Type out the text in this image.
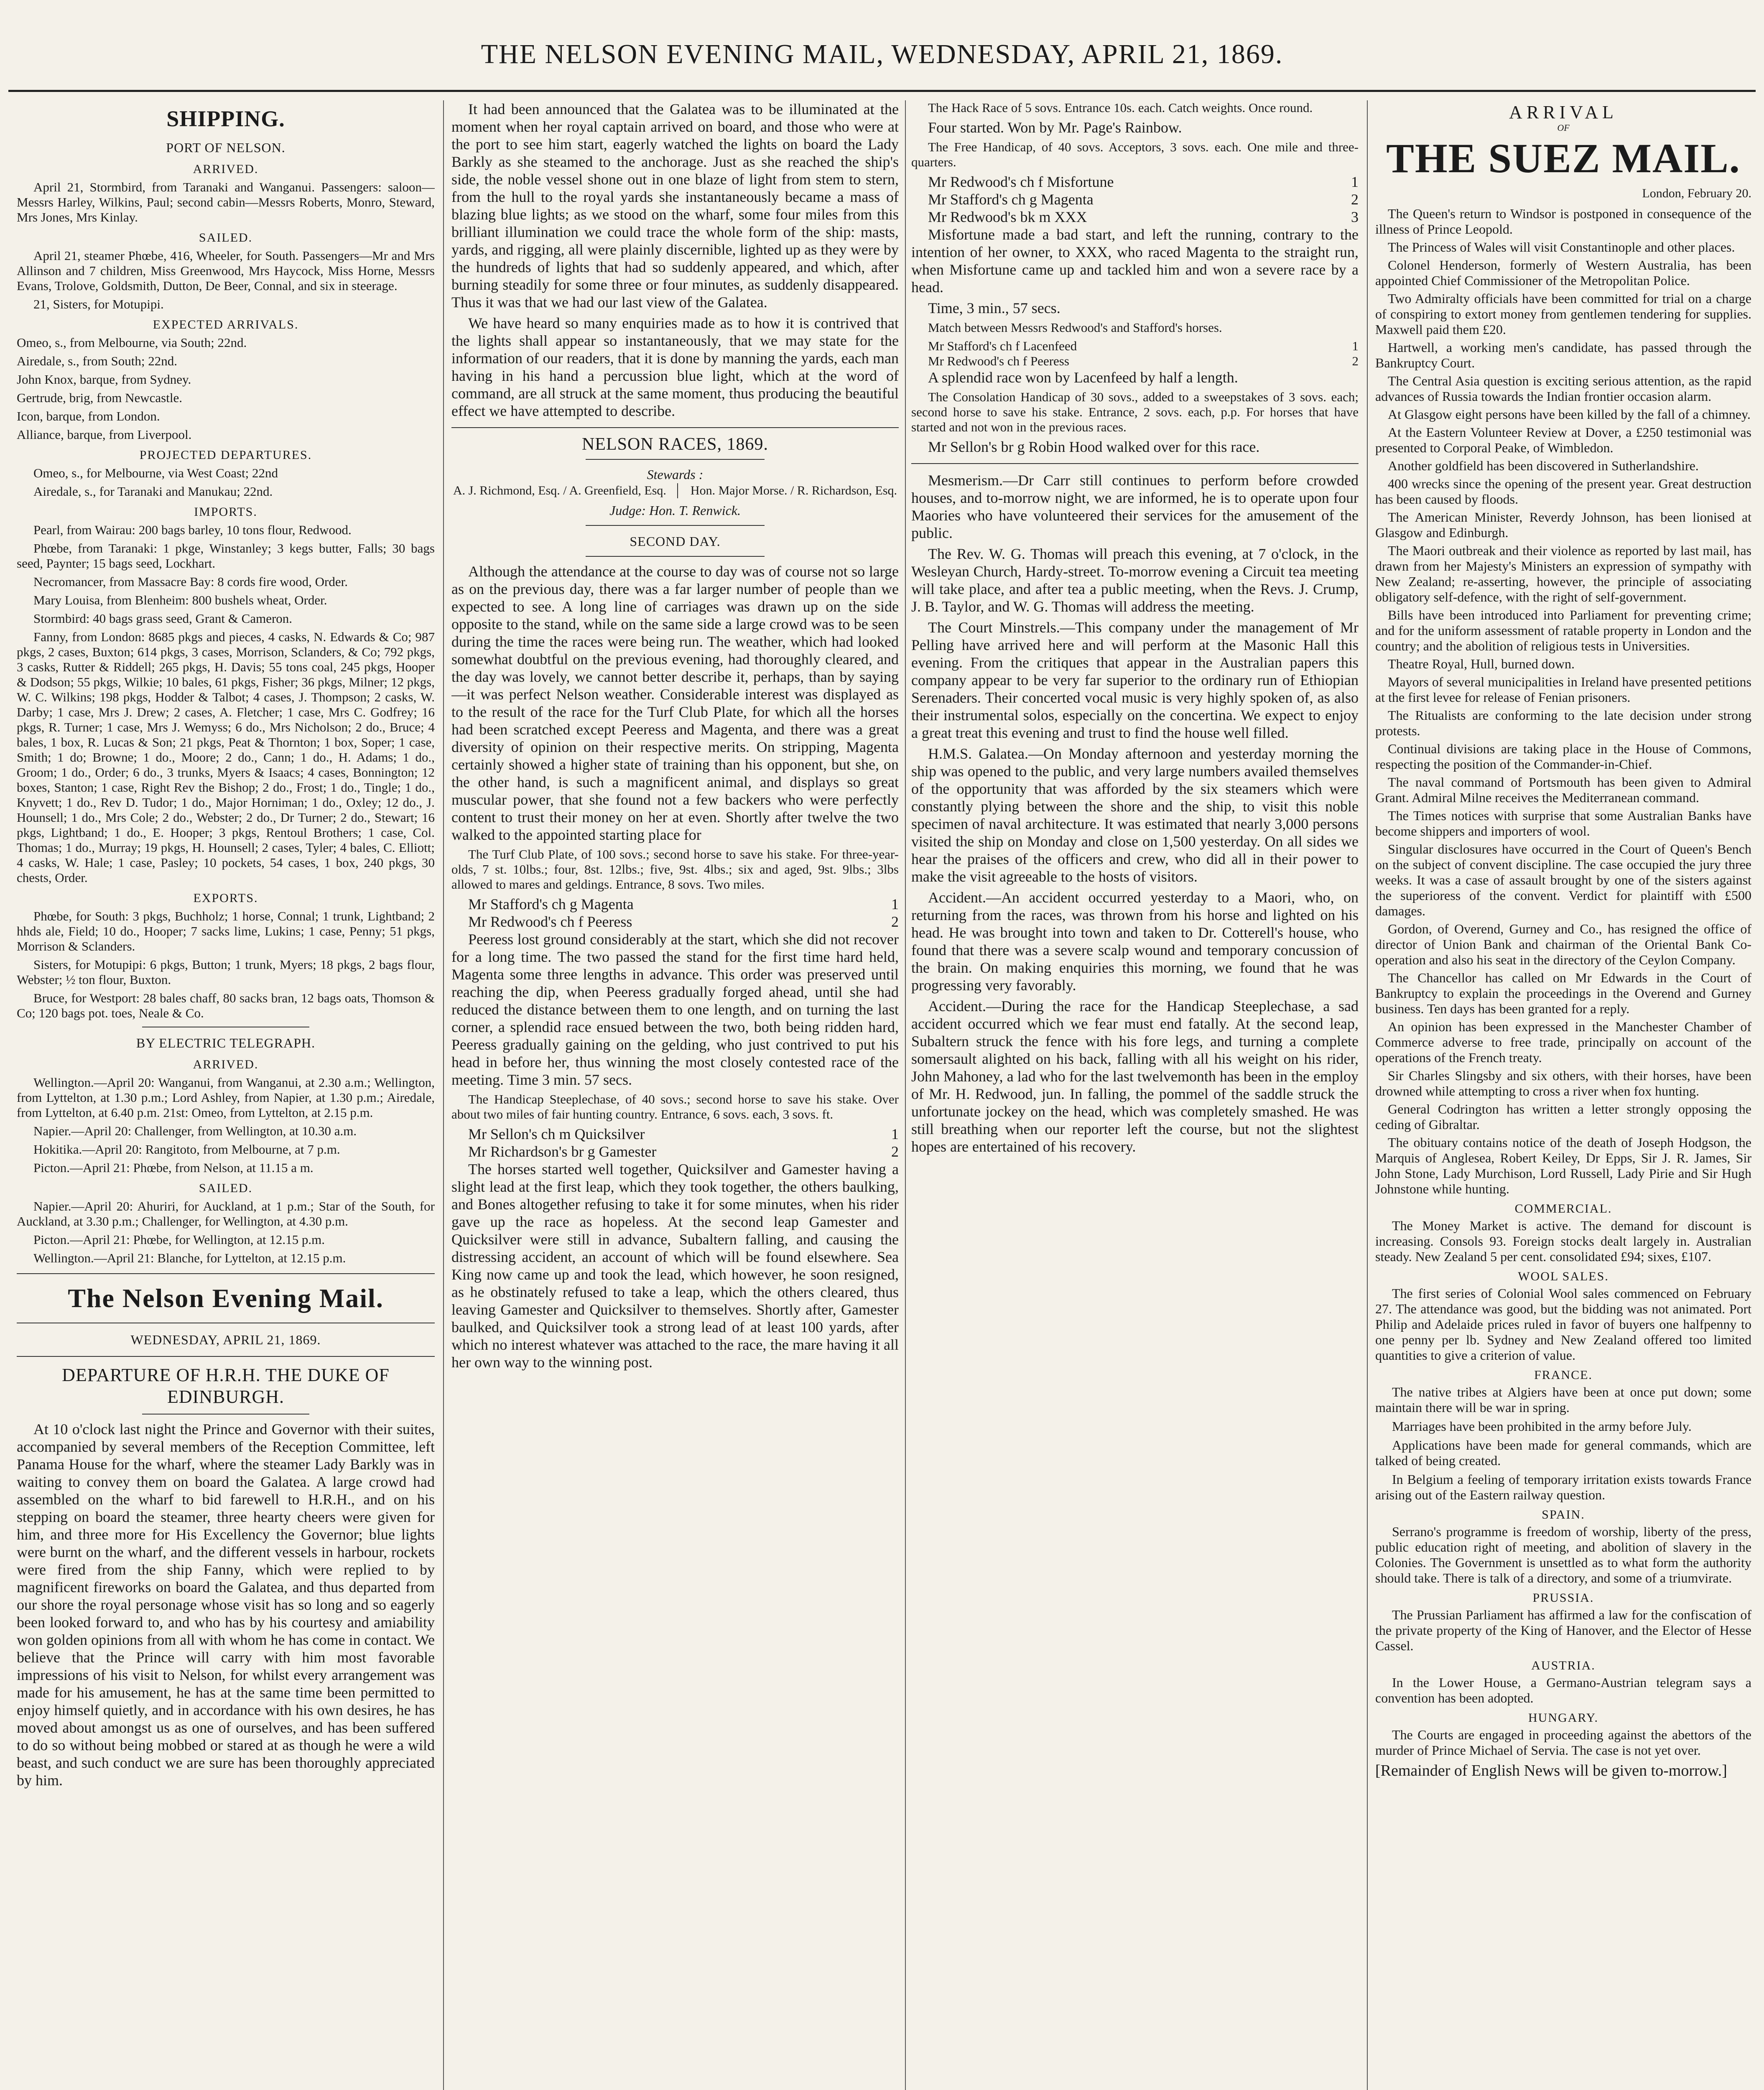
THE NELSON EVENING MAIL, WEDNESDAY, APRIL 21, 1869.
SHIPPING.
PORT OF NELSON.
ARRIVED.

April 21, Stormbird, from Taranaki and Wanganui. Passengers: saloon—Messrs Harley, Wilkins, Paul; second cabin—Messrs Roberts, Monro, Steward, Mrs Jones, Mrs Kinlay.

SAILED.

April 21, steamer Phœbe, 416, Wheeler, for South. Passengers—Mr and Mrs Allinson and 7 children, Miss Greenwood, Mrs Haycock, Miss Horne, Messrs Evans, Trolove, Goldsmith, Dutton, De Beer, Connal, and six in steerage.

21, Sisters, for Motupipi.

EXPECTED ARRIVALS.

Omeo, s., from Melbourne, via South; 22nd.

Airedale, s., from South; 22nd.

John Knox, barque, from Sydney.

Gertrude, brig, from Newcastle.

Icon, barque, from London.

Alliance, barque, from Liverpool.

PROJECTED DEPARTURES.

Omeo, s., for Melbourne, via West Coast; 22nd

Airedale, s., for Taranaki and Manukau; 22nd.

IMPORTS.

Pearl, from Wairau: 200 bags barley, 10 tons flour, Redwood.

Phœbe, from Taranaki: 1 pkge, Winstanley; 3 kegs butter, Falls; 30 bags seed, Paynter; 15 bags seed, Lockhart.

Necromancer, from Massacre Bay: 8 cords fire wood, Order.

Mary Louisa, from Blenheim: 800 bushels wheat, Order.

Stormbird: 40 bags grass seed, Grant & Cameron.

Fanny, from London: 8685 pkgs and pieces, 4 casks, N. Edwards & Co; 987 pkgs, 2 cases, Buxton; 614 pkgs, 3 cases, Morrison, Sclanders, & Co; 792 pkgs, 3 casks, Rutter & Riddell; 265 pkgs, H. Davis; 55 tons coal, 245 pkgs, Hooper & Dodson; 55 pkgs, Wilkie; 10 bales, 61 pkgs, Fisher; 36 pkgs, Milner; 12 pkgs, W. C. Wilkins; 198 pkgs, Hodder & Talbot; 4 cases, J. Thompson; 2 casks, W. Darby; 1 case, Mrs J. Drew; 2 cases, A. Fletcher; 1 case, Mrs C. Godfrey; 16 pkgs, R. Turner; 1 case, Mrs J. Wemyss; 6 do., Mrs Nicholson; 2 do., Bruce; 4 bales, 1 box, R. Lucas & Son; 21 pkgs, Peat & Thornton; 1 box, Soper; 1 case, Smith; 1 do; Browne; 1 do., Moore; 2 do., Cann; 1 do., H. Adams; 1 do., Groom; 1 do., Order; 6 do., 3 trunks, Myers & Isaacs; 4 cases, Bonnington; 12 boxes, Stanton; 1 case, Right Rev the Bishop; 2 do., Frost; 1 do., Tingle; 1 do., Knyvett; 1 do., Rev D. Tudor; 1 do., Major Horniman; 1 do., Oxley; 12 do., J. Hounsell; 1 do., Mrs Cole; 2 do., Webster; 2 do., Dr Turner; 2 do., Stewart; 16 pkgs, Lightband; 1 do., E. Hooper; 3 pkgs, Rentoul Brothers; 1 case, Col. Thomas; 1 do., Murray; 19 pkgs, H. Hounsell; 2 cases, Tyler; 4 bales, C. Elliott; 4 casks, W. Hale; 1 case, Pasley; 10 pockets, 54 cases, 1 box, 240 pkgs, 30 chests, Order.

EXPORTS.

Phœbe, for South: 3 pkgs, Buchholz; 1 horse, Connal; 1 trunk, Lightband; 2 hhds ale, Field; 10 do., Hooper; 7 sacks lime, Lukins; 1 case, Penny; 51 pkgs, Morrison & Sclanders.

Sisters, for Motupipi: 6 pkgs, Button; 1 trunk, Myers; 18 pkgs, 2 bags flour, Webster; ½ ton flour, Buxton.

Bruce, for Westport: 28 bales chaff, 80 sacks bran, 12 bags oats, Thomson & Co; 120 bags pot. toes, Neale & Co.

BY ELECTRIC TELEGRAPH.
ARRIVED.

Wellington.—April 20: Wanganui, from Wanganui, at 2.30 a.m.; Wellington, from Lyttelton, at 1.30 p.m.; Lord Ashley, from Napier, at 1.30 p.m.; Airedale, from Lyttelton, at 6.40 p.m. 21st: Omeo, from Lyttelton, at 2.15 p.m.

Napier.—April 20: Challenger, from Wellington, at 10.30 a.m.

Hokitika.—April 20: Rangitoto, from Melbourne, at 7 p.m.

Picton.—April 21: Phœbe, from Nelson, at 11.15 a m.

SAILED.

Napier.—April 20: Ahuriri, for Auckland, at 1 p.m.; Star of the South, for Auckland, at 3.30 p.m.; Challenger, for Wellington, at 4.30 p.m.

Picton.—April 21: Phœbe, for Wellington, at 12.15 p.m.

Wellington.—April 21: Blanche, for Lyttelton, at 12.15 p.m.

The Nelson Evening Mail.
WEDNESDAY, APRIL 21, 1869.
DEPARTURE OF H.R.H. THE DUKE OF EDINBURGH.

At 10 o'clock last night the Prince and Governor with their suites, accompanied by several members of the Reception Committee, left Panama House for the wharf, where the steamer Lady Barkly was in waiting to convey them on board the Galatea. A large crowd had assembled on the wharf to bid farewell to H.R.H., and on his stepping on board the steamer, three hearty cheers were given for him, and three more for His Excellency the Governor; blue lights were burnt on the wharf, and the different vessels in harbour, rockets were fired from the ship Fanny, which were replied to by magnificent fireworks on board the Galatea, and thus departed from our shore the royal personage whose visit has so long and so eagerly been looked forward to, and who has by his courtesy and amiability won golden opinions from all with whom he has come in contact. We believe that the Prince will carry with him most favorable impressions of his visit to Nelson, for whilst every arrangement was made for his amusement, he has at the same time been permitted to enjoy himself quietly, and in accordance with his own desires, he has moved about amongst us as one of ourselves, and has been suffered to do so without being mobbed or stared at as though he were a wild beast, and such conduct we are sure has been thoroughly appreciated by him.

It had been announced that the Galatea was to be illuminated at the moment when her royal captain arrived on board, and those who were at the port to see him start, eagerly watched the lights on board the Lady Barkly as she steamed to the anchorage. Just as she reached the ship's side, the noble vessel shone out in one blaze of light from stem to stern, from the hull to the royal yards she instantaneously became a mass of blazing blue lights; as we stood on the wharf, some four miles from this brilliant illumination we could trace the whole form of the ship: masts, yards, and rigging, all were plainly discernible, lighted up as they were by the hundreds of lights that had so suddenly appeared, and which, after burning steadily for some three or four minutes, as suddenly disappeared. Thus it was that we had our last view of the Galatea.

We have heard so many enquiries made as to how it is contrived that the lights shall appear so instantaneously, that we may state for the information of our readers, that it is done by manning the yards, each man having in his hand a percussion blue light, which at the word of command, are all struck at the same moment, thus producing the beautiful effect we have attempted to describe.

NELSON RACES, 1869.
Stewards :
A. J. Richmond, Esq. / A. Greenfield, Esq.	Hon. Major Morse. / R. Richardson, Esq.
Judge: Hon. T. Renwick.
SECOND DAY.

Although the attendance at the course to day was of course not so large as on the previous day, there was a far larger number of people than we expected to see. A long line of carriages was drawn up on the side opposite to the stand, while on the same side a large crowd was to be seen during the time the races were being run. The weather, which had looked somewhat doubtful on the previous evening, had thoroughly cleared, and the day was lovely, we cannot better describe it, perhaps, than by saying—it was perfect Nelson weather. Considerable interest was displayed as to the result of the race for the Turf Club Plate, for which all the horses had been scratched except Peeress and Magenta, and there was a great diversity of opinion on their respective merits. On stripping, Magenta certainly showed a higher state of training than his opponent, but she, on the other hand, is such a magnificent animal, and displays so great muscular power, that she found not a few backers who were perfectly content to trust their money on her at even. Shortly after twelve the two walked to the appointed starting place for

The Turf Club Plate, of 100 sovs.; second horse to save his stake. For three-year-olds, 7 st. 10lbs.; four, 8st. 12lbs.; five, 9st. 4lbs.; six and aged, 9st. 9lbs.; 3lbs allowed to mares and geldings. Entrance, 8 sovs. Two miles.

Mr Stafford's ch g Magenta	1
Mr Redwood's ch f Peeress	2

Peeress lost ground considerably at the start, which she did not recover for a long time. The two passed the stand for the first time hard held, Magenta some three lengths in advance. This order was preserved until reaching the dip, when Peeress gradually forged ahead, until she had reduced the distance between them to one length, and on turning the last corner, a splendid race ensued between the two, both being ridden hard, Peeress gradually gaining on the gelding, who just contrived to put his head in before her, thus winning the most closely contested race of the meeting. Time 3 min. 57 secs.

The Handicap Steeplechase, of 40 sovs.; second horse to save his stake. Over about two miles of fair hunting country. Entrance, 6 sovs. each, 3 sovs. ft.

Mr Sellon's ch m Quicksilver	1
Mr Richardson's br g Gamester	2

The horses started well together, Quicksilver and Gamester having a slight lead at the first leap, which they took together, the others baulking, and Bones altogether refusing to take it for some minutes, when his rider gave up the race as hopeless. At the second leap Gamester and Quicksilver were still in advance, Subaltern falling, and causing the distressing accident, an account of which will be found elsewhere. Sea King now came up and took the lead, which however, he soon resigned, as he obstinately refused to take a leap, which the others cleared, thus leaving Gamester and Quicksilver to themselves. Shortly after, Gamester baulked, and Quicksilver took a strong lead of at least 100 yards, after which no interest whatever was attached to the race, the mare having it all her own way to the winning post.

The Hack Race of 5 sovs. Entrance 10s. each. Catch weights. Once round.

Four started. Won by Mr. Page's Rainbow.

The Free Handicap, of 40 sovs. Acceptors, 3 sovs. each. One mile and three-quarters.

Mr Redwood's ch f Misfortune	1
Mr Stafford's ch g Magenta	2
Mr Redwood's bk m XXX	3

Misfortune made a bad start, and left the running, contrary to the intention of her owner, to XXX, who raced Magenta to the straight run, when Misfortune came up and tackled him and won a severe race by a head.

Time, 3 min., 57 secs.

Match between Messrs Redwood's and Stafford's horses.

Mr Stafford's ch f Lacenfeed	1
Mr Redwood's ch f Peeress	2

A splendid race won by Lacenfeed by half a length.

The Consolation Handicap of 30 sovs., added to a sweepstakes of 3 sovs. each; second horse to save his stake. Entrance, 2 sovs. each, p.p. For horses that have started and not won in the previous races.

Mr Sellon's br g Robin Hood walked over for this race.

Mesmerism.—Dr Carr still continues to perform before crowded houses, and to-morrow night, we are informed, he is to operate upon four Maories who have volunteered their services for the amusement of the public.

The Rev. W. G. Thomas will preach this evening, at 7 o'clock, in the Wesleyan Church, Hardy-street. To-morrow evening a Circuit tea meeting will take place, and after tea a public meeting, when the Revs. J. Crump, J. B. Taylor, and W. G. Thomas will address the meeting.

The Court Minstrels.—This company under the management of Mr Pelling have arrived here and will perform at the Masonic Hall this evening. From the critiques that appear in the Australian papers this company appear to be very far superior to the ordinary run of Ethiopian Serenaders. Their concerted vocal music is very highly spoken of, as also their instrumental solos, especially on the concertina. We expect to enjoy a great treat this evening and trust to find the house well filled.

H.M.S. Galatea.—On Monday afternoon and yesterday morning the ship was opened to the public, and very large numbers availed themselves of the opportunity that was afforded by the six steamers which were constantly plying between the shore and the ship, to visit this noble specimen of naval architecture. It was estimated that nearly 3,000 persons visited the ship on Monday and close on 1,500 yesterday. On all sides we hear the praises of the officers and crew, who did all in their power to make the visit agreeable to the hosts of visitors.

Accident.—An accident occurred yesterday to a Maori, who, on returning from the races, was thrown from his horse and lighted on his head. He was brought into town and taken to Dr. Cotterell's house, who found that there was a severe scalp wound and temporary concussion of the brain. On making enquiries this morning, we found that he was progressing very favorably.

Accident.—During the race for the Handicap Steeplechase, a sad accident occurred which we fear must end fatally. At the second leap, Subaltern struck the fence with his fore legs, and turning a complete somersault alighted on his back, falling with all his weight on his rider, John Mahoney, a lad who for the last twelvemonth has been in the employ of Mr. H. Redwood, jun. In falling, the pommel of the saddle struck the unfortunate jockey on the head, which was completely smashed. He was still breathing when our reporter left the course, but not the slightest hopes are entertained of his recovery.

ARRIVAL
OF
THE SUEZ MAIL.
London, February 20.
The Queen's return to Windsor is postponed in consequence of the illness of Prince Leopold.
The Princess of Wales will visit Constantinople and other places.
Colonel Henderson, formerly of Western Australia, has been appointed Chief Commissioner of the Metropolitan Police.
Two Admiralty officials have been committed for trial on a charge of conspiring to extort money from gentlemen tendering for supplies. Maxwell paid them £20.
Hartwell, a working men's candidate, has passed through the Bankruptcy Court.
The Central Asia question is exciting serious attention, as the rapid advances of Russia towards the Indian frontier occasion alarm.
At Glasgow eight persons have been killed by the fall of a chimney.
At the Eastern Volunteer Review at Dover, a £250 testimonial was presented to Corporal Peake, of Wimbledon.
Another goldfield has been discovered in Sutherlandshire.
400 wrecks since the opening of the present year. Great destruction has been caused by floods.
The American Minister, Reverdy Johnson, has been lionised at Glasgow and Edinburgh.
The Maori outbreak and their violence as reported by last mail, has drawn from her Majesty's Ministers an expression of sympathy with New Zealand; re-asserting, however, the principle of associating obligatory self-defence, with the right of self-government.
Bills have been introduced into Parliament for preventing crime; and for the uniform assessment of ratable property in London and the country; and the abolition of religious tests in Universities.
Theatre Royal, Hull, burned down.
Mayors of several municipalities in Ireland have presented petitions at the first levee for release of Fenian prisoners.
The Ritualists are conforming to the late decision under strong protests.
Continual divisions are taking place in the House of Commons, respecting the position of the Commander-in-Chief.
The naval command of Portsmouth has been given to Admiral Grant. Admiral Milne receives the Mediterranean command.
The Times notices with surprise that some Australian Banks have become shippers and importers of wool.
Singular disclosures have occurred in the Court of Queen's Bench on the subject of convent discipline. The case occupied the jury three weeks. It was a case of assault brought by one of the sisters against the superioress of the convent. Verdict for plaintiff with £500 damages.
Gordon, of Overend, Gurney and Co., has resigned the office of director of Union Bank and chairman of the Oriental Bank Co-operation and also his seat in the directory of the Ceylon Company.
The Chancellor has called on Mr Edwards in the Court of Bankruptcy to explain the proceedings in the Overend and Gurney business. Ten days has been granted for a reply.
An opinion has been expressed in the Manchester Chamber of Commerce adverse to free trade, principally on account of the operations of the French treaty.
Sir Charles Slingsby and six others, with their horses, have been drowned while attempting to cross a river when fox hunting.
General Codrington has written a letter strongly opposing the ceding of Gibraltar.
The obituary contains notice of the death of Joseph Hodgson, the Marquis of Anglesea, Robert Keiley, Dr Epps, Sir J. R. James, Sir John Stone, Lady Murchison, Lord Russell, Lady Pirie and Sir Hugh Johnstone while hunting.
COMMERCIAL.

The Money Market is active. The demand for discount is increasing. Consols 93. Foreign stocks dealt largely in. Australian steady. New Zealand 5 per cent. consolidated £94; sixes, £107.

WOOL SALES.

The first series of Colonial Wool sales commenced on February 27. The attendance was good, but the bidding was not animated. Port Philip and Adelaide prices ruled in favor of buyers one halfpenny to one penny per lb. Sydney and New Zealand offered too limited quantities to give a criterion of value.

FRANCE.

The native tribes at Algiers have been at once put down; some maintain there will be war in spring.

Marriages have been prohibited in the army before July.

Applications have been made for general commands, which are talked of being created.

In Belgium a feeling of temporary irritation exists towards France arising out of the Eastern railway question.

SPAIN.

Serrano's programme is freedom of worship, liberty of the press, public education right of meeting, and abolition of slavery in the Colonies. The Government is unsettled as to what form the authority should take. There is talk of a directory, and some of a triumvirate.

PRUSSIA.

The Prussian Parliament has affirmed a law for the confiscation of the private property of the King of Hanover, and the Elector of Hesse Cassel.

AUSTRIA.

In the Lower House, a Germano-Austrian telegram says a convention has been adopted.

HUNGARY.

The Courts are engaged in proceeding against the abettors of the murder of Prince Michael of Servia. The case is not yet over.

[Remainder of English News will be given to-morrow.]
